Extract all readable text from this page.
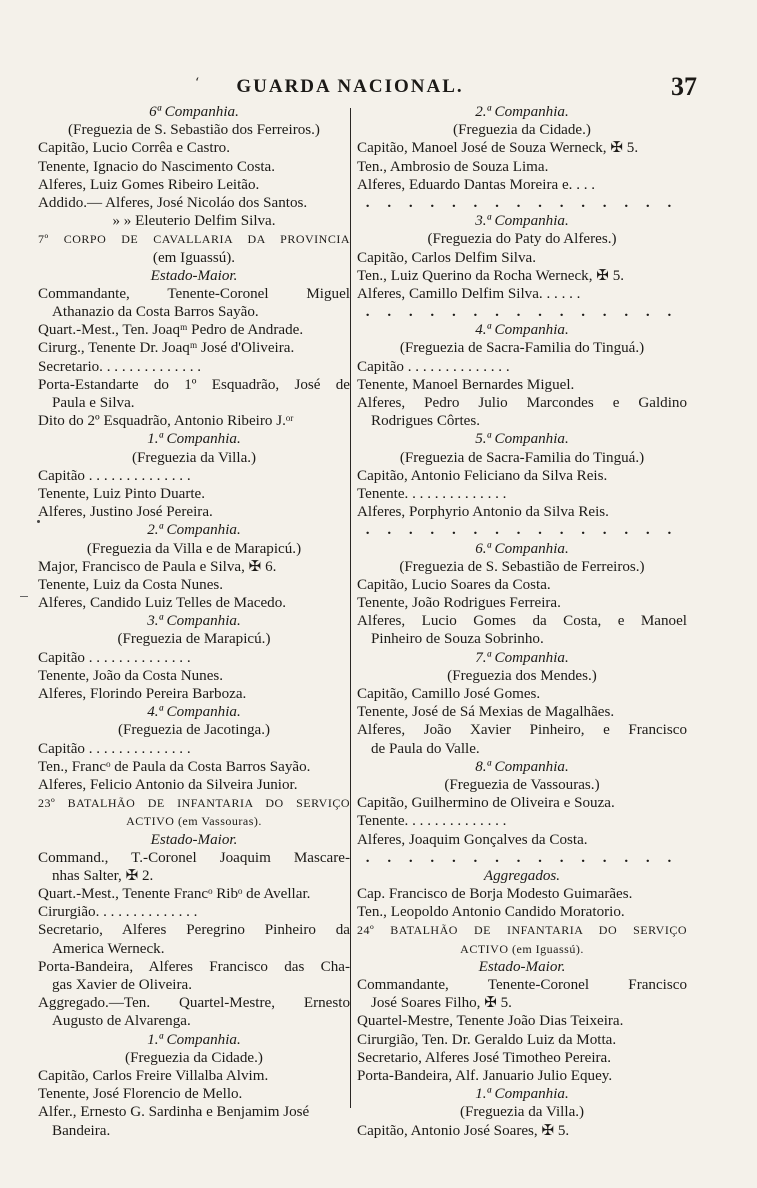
ʻ	GUARDA NACIONAL.	37
6ª Companhia.
(Freguezia de S. Sebastião dos Ferreiros.)
Capitão, Lucio Corrêa e Castro.
Tenente, Ignacio do Nascimento Costa.
Alferes, Luiz Gomes Ribeiro Leitão.
Addido.— Alferes, José Nicoláo dos Santos.
» » Eleuterio Delfim Silva.
7º CORPO DE CAVALLARIA DA PROVINCIA
(em Iguassú).
Estado-Maior.
Commandante, Tenente-Coronel Miguel
Athanazio da Costa Barros Sayão.
Quart.-Mest., Ten. Joaqᵐ Pedro de Andrade.
Cirurg., Tenente Dr. Joaqᵐ José d'Oliveira.
Secretario. . . . . . . . . . . . . .
Porta-Estandarte do 1º Esquadrão, José de
Paula e Silva.
Dito do 2º Esquadrão, Antonio Ribeiro J.ᵒʳ
1.ª Companhia.
(Freguezia da Villa.)
Capitão . . . . . . . . . . . . . .
Tenente, Luiz Pinto Duarte.
Alferes, Justino José Pereira.
2.ª Companhia.
(Freguezia da Villa e de Marapicú.)
Major, Francisco de Paula e Silva, ✠ 6.
Tenente, Luiz da Costa Nunes.
Alferes, Candido Luiz Telles de Macedo.
3.ª Companhia.
(Freguezia de Marapicú.)
Capitão . . . . . . . . . . . . . .
Tenente, João da Costa Nunes.
Alferes, Florindo Pereira Barboza.
4.ª Companhia.
(Freguezia de Jacotinga.)
Capitão . . . . . . . . . . . . . .
Ten., Francᵒ de Paula da Costa Barros Sayão.
Alferes, Felicio Antonio da Silveira Junior.
23º BATALHÃO DE INFANTARIA DO SERVIÇO
ACTIVO (em Vassouras).
Estado-Maior.
Command., T.-Coronel Joaquim Mascare-
nhas Salter, ✠ 2.
Quart.-Mest., Tenente Francᵒ Ribᵒ de Avellar.
Cirurgião. . . . . . . . . . . . . .
Secretario, Alferes Peregrino Pinheiro da
America Werneck.
Porta-Bandeira, Alferes Francisco das Cha-
gas Xavier de Oliveira.
Aggregado.—Ten. Quartel-Mestre, Ernesto
Augusto de Alvarenga.
1.ª Companhia.
(Freguezia da Cidade.)
Capitão, Carlos Freire Villalba Alvim.
Tenente, José Florencio de Mello.
Alfer., Ernesto G. Sardinha e Benjamim José
Bandeira.
2.ª Companhia.
(Freguezia da Cidade.)
Capitão, Manoel José de Souza Werneck, ✠ 5.
Ten., Ambrosio de Souza Lima.
Alferes, Eduardo Dantas Moreira e. . . .
. . . . . . . . . . . . . . .
3.ª Companhia.
(Freguezia do Paty do Alferes.)
Capitão, Carlos Delfim Silva.
Ten., Luiz Querino da Rocha Werneck, ✠ 5.
Alferes, Camillo Delfim Silva. . . . . .
. . . . . . . . . . . . . . .
4.ª Companhia.
(Freguezia de Sacra-Familia do Tinguá.)
Capitão . . . . . . . . . . . . . .
Tenente, Manoel Bernardes Miguel.
Alferes, Pedro Julio Marcondes e Galdino
Rodrigues Côrtes.
5.ª Companhia.
(Freguezia de Sacra-Familia do Tinguá.)
Capitão, Antonio Feliciano da Silva Reis.
Tenente. . . . . . . . . . . . . .
Alferes, Porphyrio Antonio da Silva Reis.
. . . . . . . . . . . . . . .
6.ª Companhia.
(Freguezia de S. Sebastião de Ferreiros.)
Capitão, Lucio Soares da Costa.
Tenente, João Rodrigues Ferreira.
Alferes, Lucio Gomes da Costa, e Manoel
Pinheiro de Souza Sobrinho.
7.ª Companhia.
(Freguezia dos Mendes.)
Capitão, Camillo José Gomes.
Tenente, José de Sá Mexias de Magalhães.
Alferes, João Xavier Pinheiro, e Francisco
de Paula do Valle.
8.ª Companhia.
(Freguezia de Vassouras.)
Capitão, Guilhermino de Oliveira e Souza.
Tenente. . . . . . . . . . . . . .
Alferes, Joaquim Gonçalves da Costa.
. . . . . . . . . . . . . . .
Aggregados.
Cap. Francisco de Borja Modesto Guimarães.
Ten., Leopoldo Antonio Candido Moratorio.
24º BATALHÃO DE INFANTARIA DO SERVIÇO
ACTIVO (em Iguassú).
Estado-Maior.
Commandante, Tenente-Coronel Francisco
José Soares Filho, ✠ 5.
Quartel-Mestre, Tenente João Dias Teixeira.
Cirurgião, Ten. Dr. Geraldo Luiz da Motta.
Secretario, Alferes José Timotheo Pereira.
Porta-Bandeira, Alf. Januario Julio Equey.
1.ª Companhia.
(Freguezia da Villa.)
Capitão, Antonio José Soares, ✠ 5.
